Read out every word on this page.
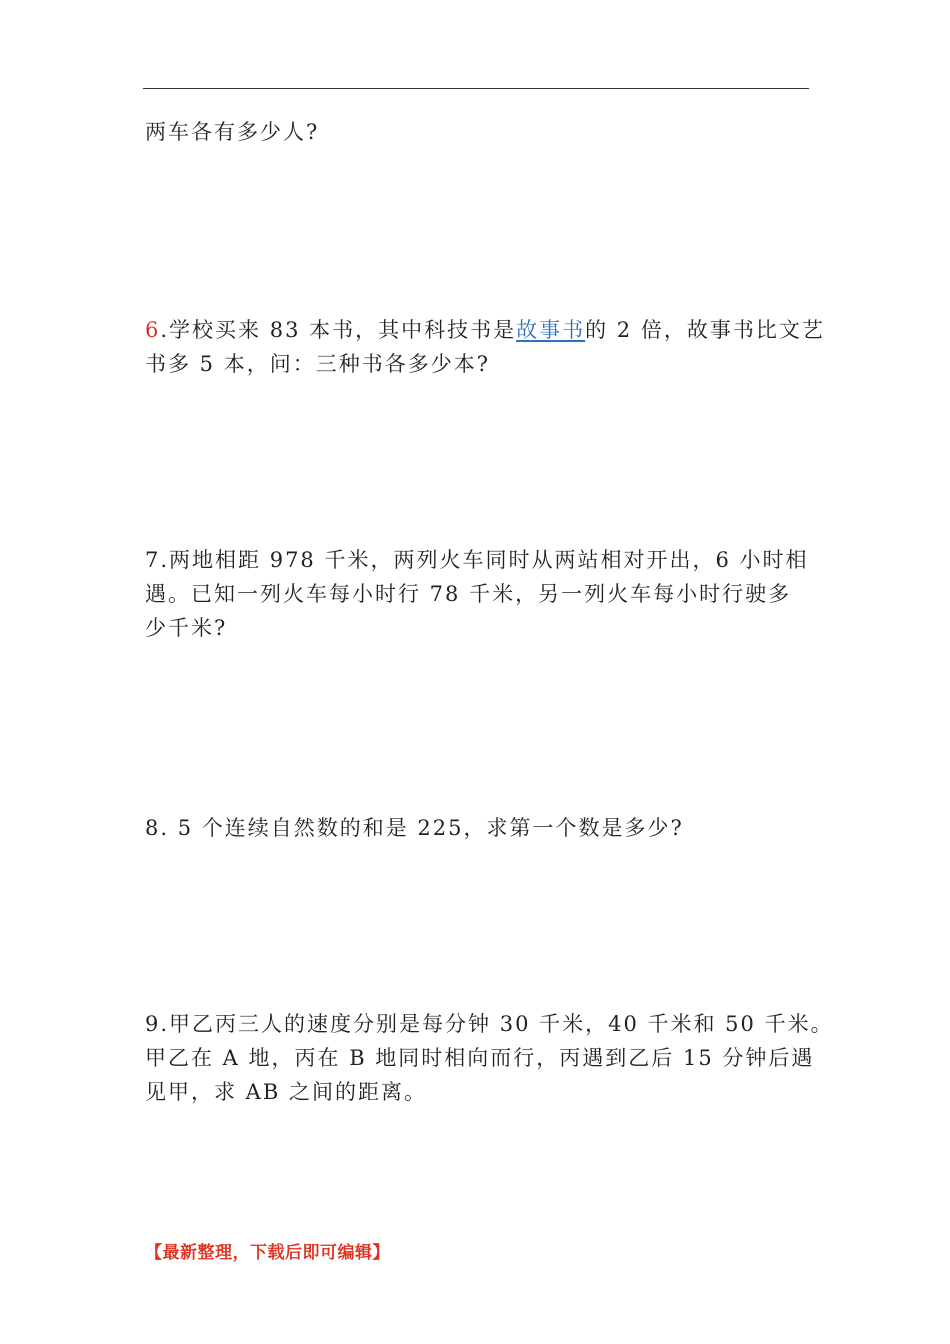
两车各有多少人?
6.学校买来 83 本书，其中科技书是故事书的 2 倍，故事书比文艺
书多 5 本，问：三种书各多少本?
7.两地相距 978 千米，两列火车同时从两站相对开出，6 小时相
遇。已知一列火车每小时行 78 千米，另一列火车每小时行驶多
少千米?
8. 5 个连续自然数的和是 225，求第一个数是多少?
9.甲乙丙三人的速度分别是每分钟 30 千米，40 千米和 50 千米。
甲乙在 A 地，丙在 B 地同时相向而行，丙遇到乙后 15 分钟后遇
见甲，求 AB 之间的距离。
【最新整理，下载后即可编辑】
